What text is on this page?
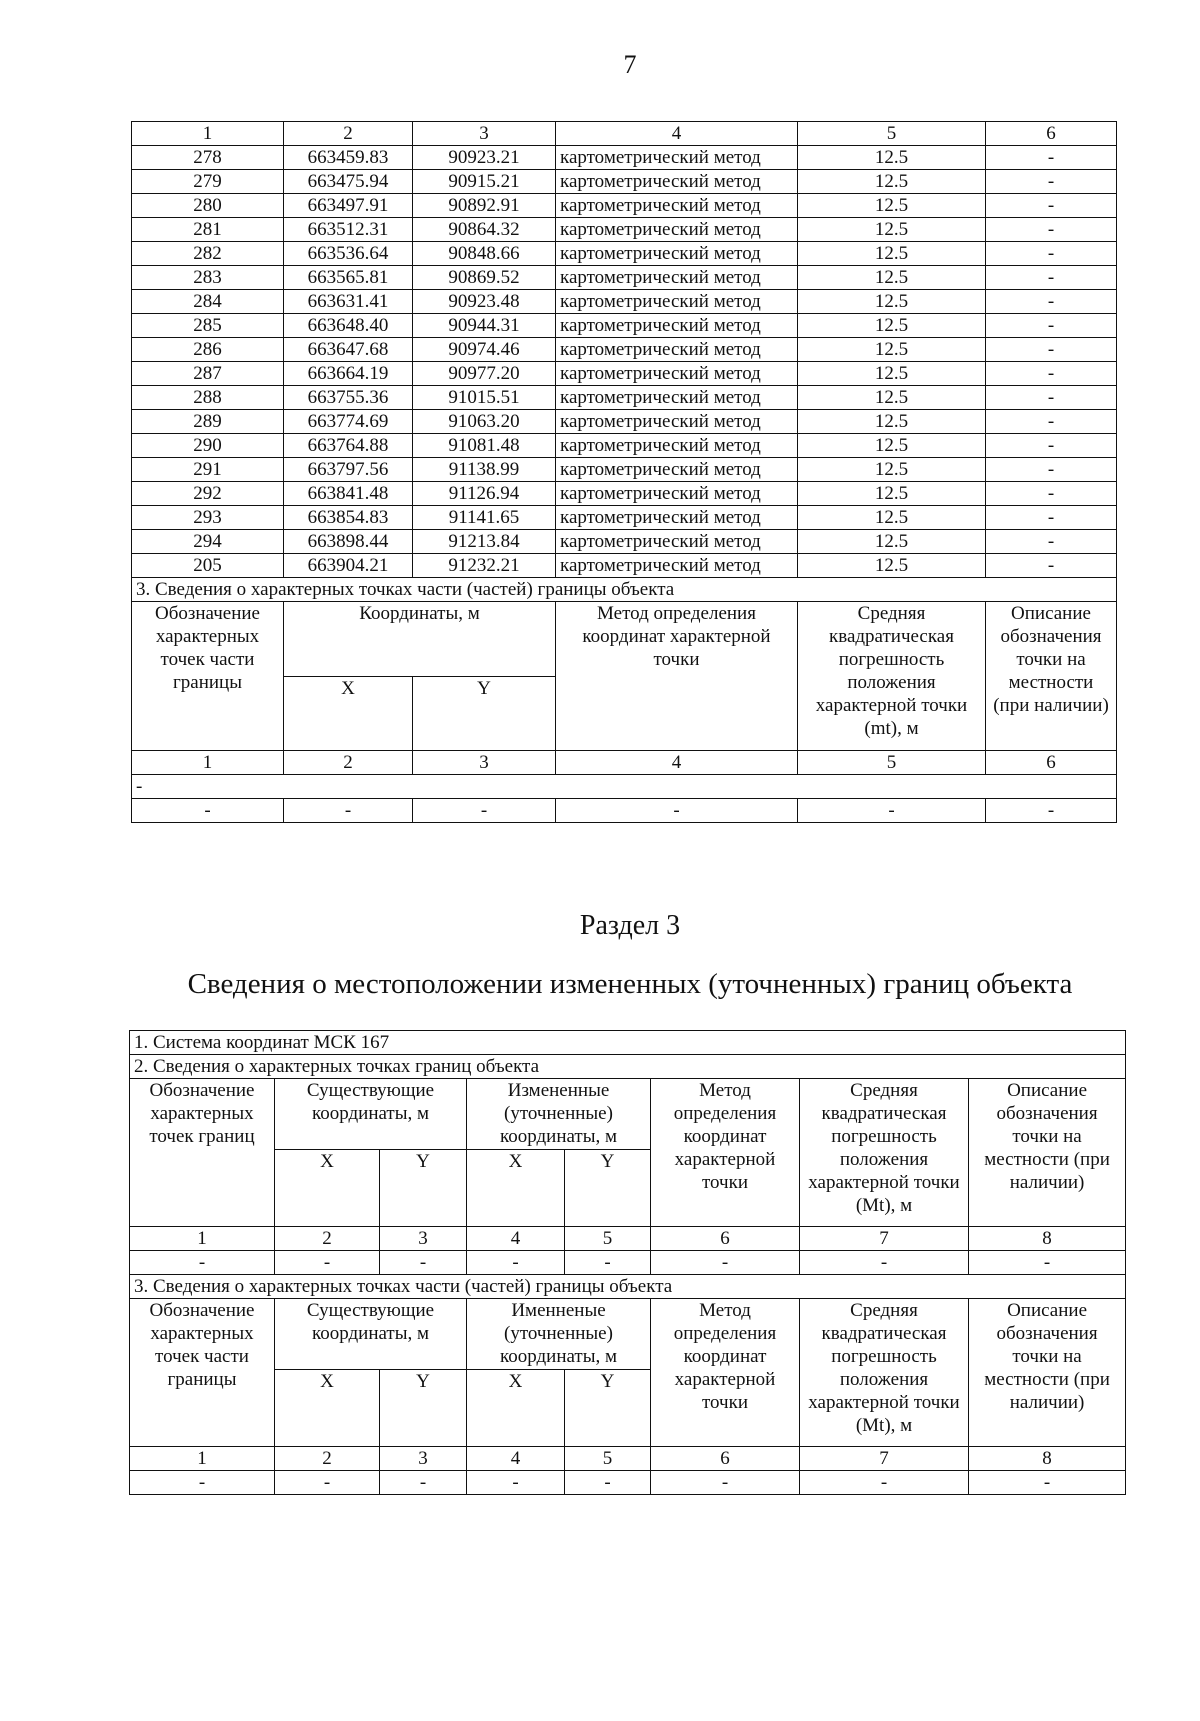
7
1	2	3	4	5	6
278	663459.83	90923.21	картометрический метод	12.5	-
279	663475.94	90915.21	картометрический метод	12.5	-
280	663497.91	90892.91	картометрический метод	12.5	-
281	663512.31	90864.32	картометрический метод	12.5	-
282	663536.64	90848.66	картометрический метод	12.5	-
283	663565.81	90869.52	картометрический метод	12.5	-
284	663631.41	90923.48	картометрический метод	12.5	-
285	663648.40	90944.31	картометрический метод	12.5	-
286	663647.68	90974.46	картометрический метод	12.5	-
287	663664.19	90977.20	картометрический метод	12.5	-
288	663755.36	91015.51	картометрический метод	12.5	-
289	663774.69	91063.20	картометрический метод	12.5	-
290	663764.88	91081.48	картометрический метод	12.5	-
291	663797.56	91138.99	картометрический метод	12.5	-
292	663841.48	91126.94	картометрический метод	12.5	-
293	663854.83	91141.65	картометрический метод	12.5	-
294	663898.44	91213.84	картометрический метод	12.5	-
205	663904.21	91232.21	картометрический метод	12.5	-
3. Сведения о характерных точках части (частей) границы объекта					
Обозначение характерных точек части границы	Координаты, м		Метод определения координат характерной точки	Средняя квадратическая погрешность положения характерной точки (mt), м	Описание обозначения точки на местности (при наличии)
	X	Y			
1	2	3	4	5	6
-					
-	-	-	-	-	-
Раздел 3
Сведения о местоположении измененных (уточненных) границ объекта
1. Система координат МСК 167							
2. Сведения о характерных точках границ объекта							
Обозначение характерных точек границ	Существующие координаты, м		Измененные (уточненные) координаты, м		Метод определения координат характерной точки	Средняя квадратическая погрешность положения характерной точки (Mt), м	Описание обозначения точки на местности (при наличии)
	X	Y	X	Y			
1	2	3	4	5	6	7	8
-	-	-	-	-	-	-	-
3. Сведения о характерных точках части (частей) границы объекта							
Обозначение характерных точек части границы	Существующие координаты, м		Именненые (уточненные) координаты, м		Метод определения координат характерной точки	Средняя квадратическая погрешность положения характерной точки (Mt), м	Описание обозначения точки на местности (при наличии)
	X	Y	X	Y			
1	2	3	4	5	6	7	8
-	-	-	-	-	-	-	-
